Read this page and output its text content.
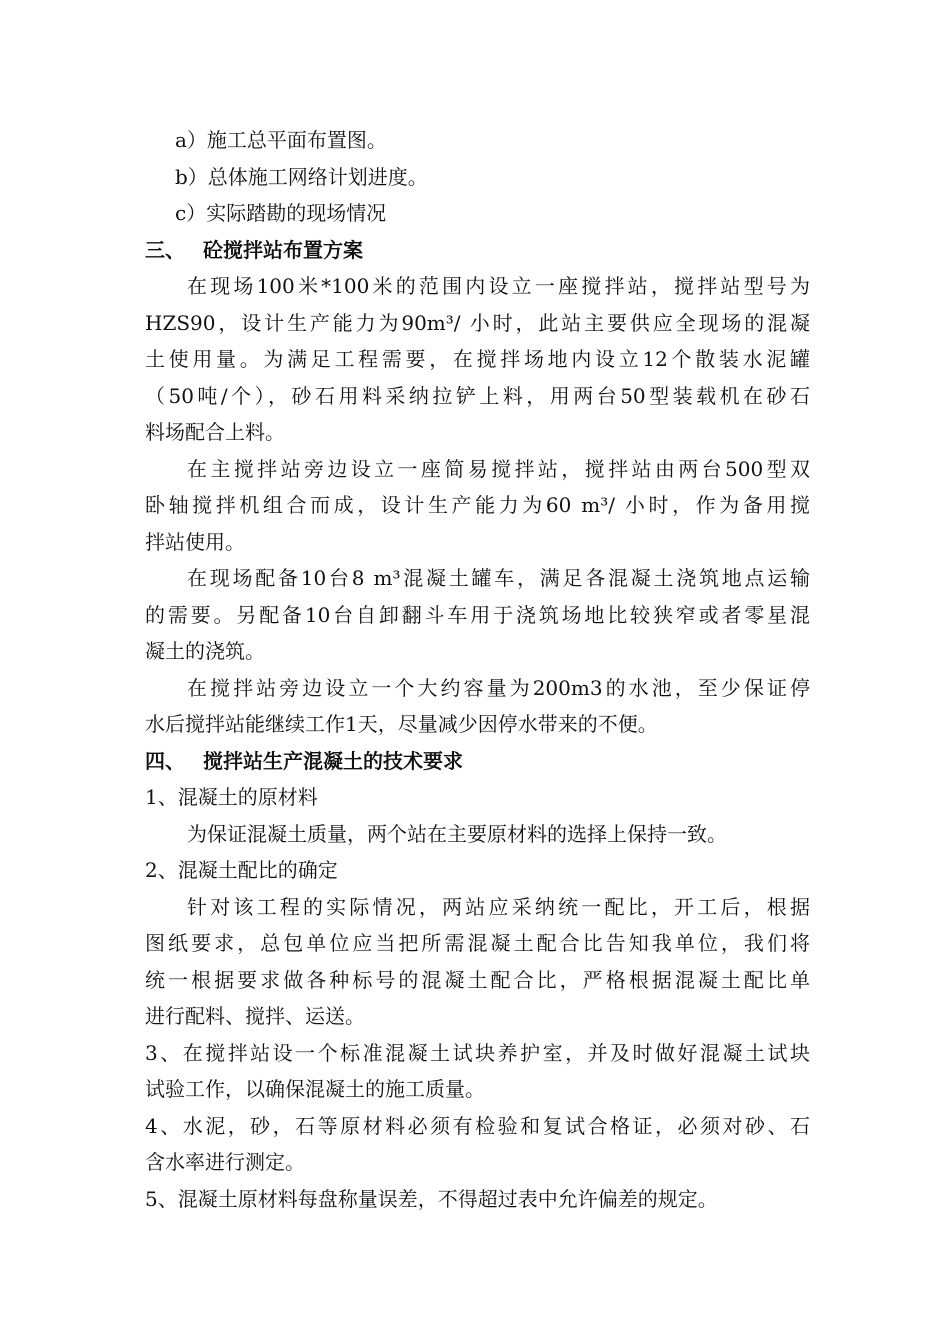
a）施工总平面布置图。
b）总体施工网络计划进度。
c）实际踏勘的现场情况
三、 砼搅拌站布置方案
在现场100米*100米的范围内设立一座搅拌站，搅拌站型号为
HZS90，设计生产能力为90m³/ 小时，此站主要供应全现场的混凝
土使用量。为满足工程需要，在搅拌场地内设立12个散装水泥罐
（50吨/个），砂石用料采纳拉铲上料，用两台50型装载机在砂石
料场配合上料。
在主搅拌站旁边设立一座简易搅拌站，搅拌站由两台500型双
卧轴搅拌机组合而成，设计生产能力为60 m³/ 小时，作为备用搅
拌站使用。
在现场配备10台8 m³混凝土罐车，满足各混凝土浇筑地点运输
的需要。另配备10台自卸翻斗车用于浇筑场地比较狭窄或者零星混
凝土的浇筑。
在搅拌站旁边设立一个大约容量为200m3的水池，至少保证停
水后搅拌站能继续工作1天，尽量减少因停水带来的不便。
四、 搅拌站生产混凝土的技术要求
1、混凝土的原材料
为保证混凝土质量，两个站在主要原材料的选择上保持一致。
2、混凝土配比的确定
针对该工程的实际情况，两站应采纳统一配比，开工后，根据
图纸要求，总包单位应当把所需混凝土配合比告知我单位，我们将
统一根据要求做各种标号的混凝土配合比，严格根据混凝土配比单
进行配料、搅拌、运送。
3、在搅拌站设一个标准混凝土试块养护室，并及时做好混凝土试块
试验工作，以确保混凝土的施工质量。
4、水泥，砂，石等原材料必须有检验和复试合格证，必须对砂、石
含水率进行测定。
5、混凝土原材料每盘称量误差，不得超过表中允许偏差的规定。
